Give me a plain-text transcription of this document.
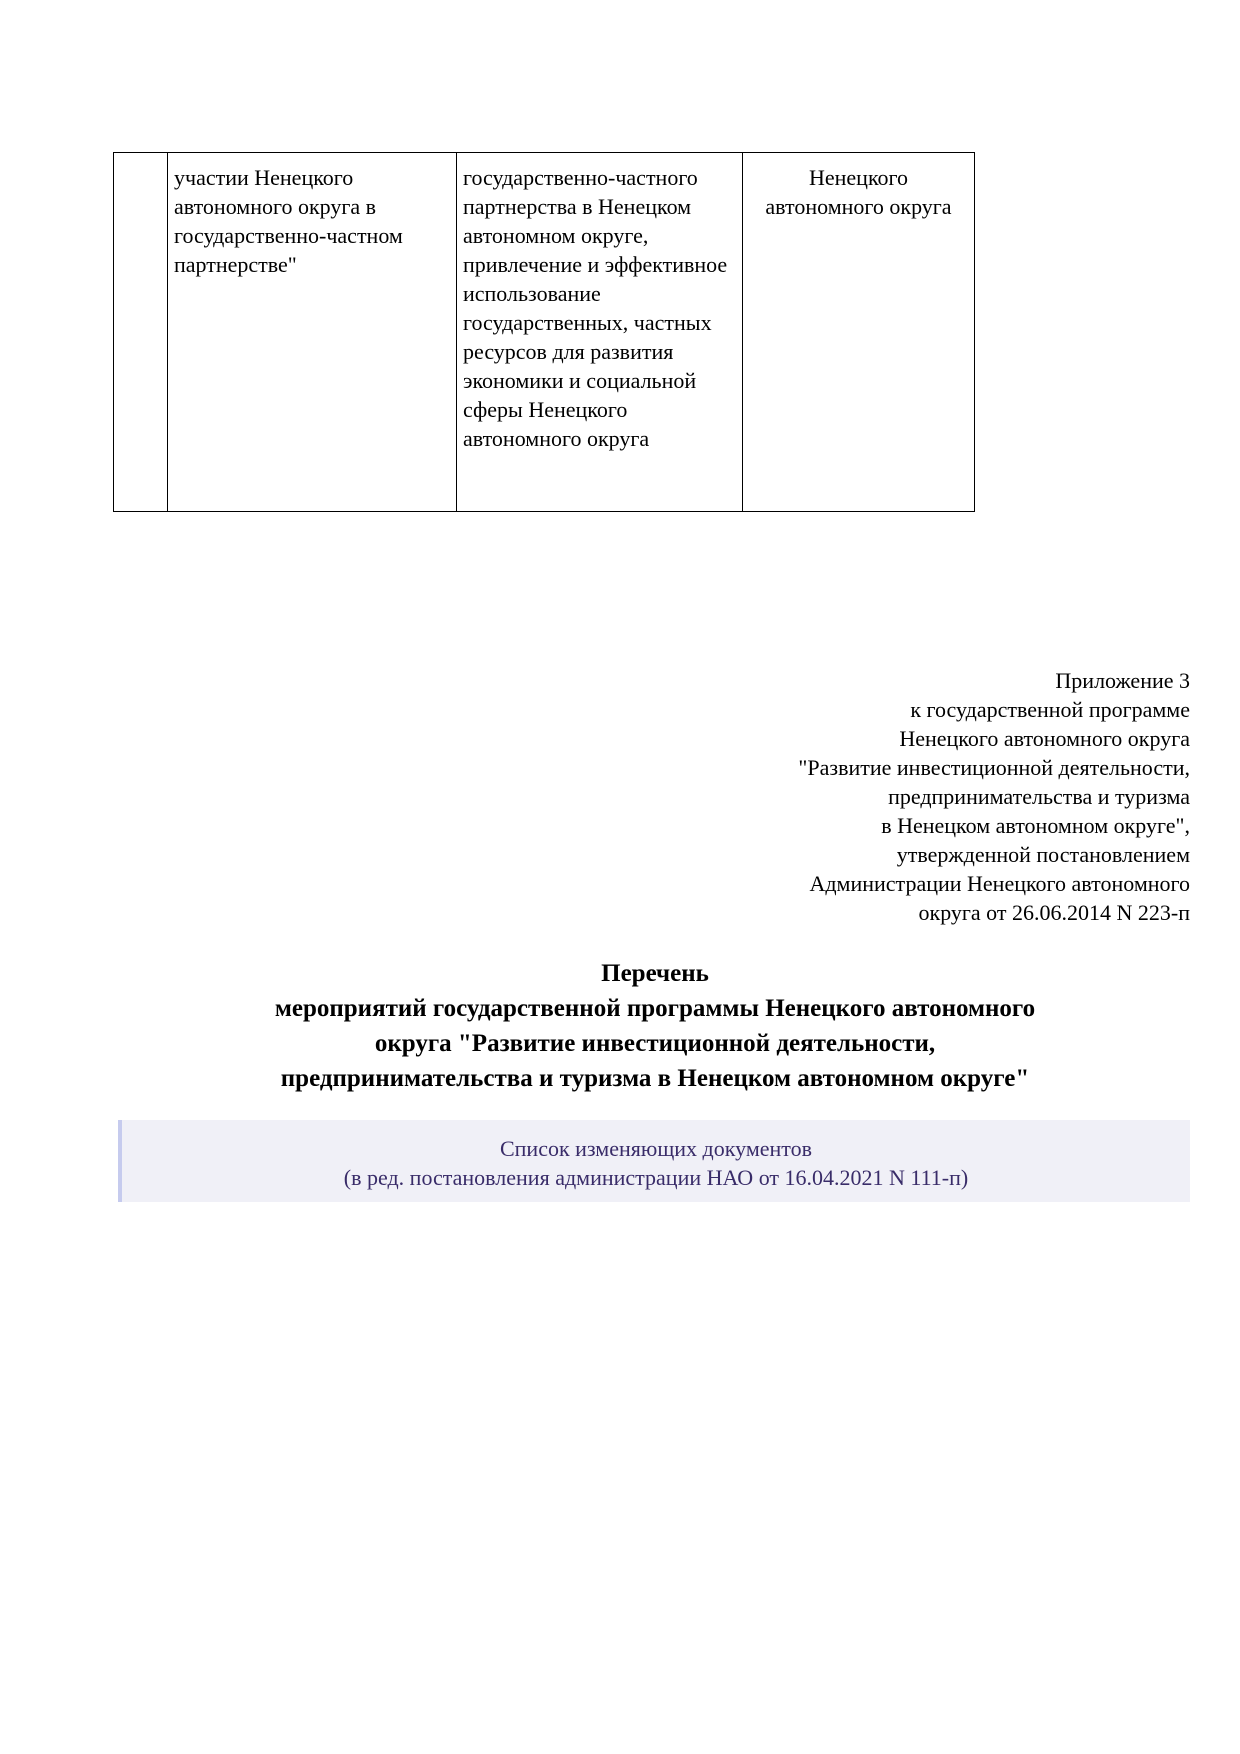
	участии Ненецкого автономного округа в государственно-частном партнерстве"	государственно-частного партнерства в Ненецком автономном округе, привлечение и эффективное использование государственных, частных ресурсов для развития экономики и социальной сферы Ненецкого автономного округа	Ненецкого автономного округа
Приложение 3
к государственной программе
Ненецкого автономного округа
"Развитие инвестиционной деятельности,
предпринимательства и туризма
в Ненецком автономном округе",
утвержденной постановлением
Администрации Ненецкого автономного
округа от 26.06.2014 N 223-п
Перечень
мероприятий государственной программы Ненецкого автономного
округа "Развитие инвестиционной деятельности,
предпринимательства и туризма в Ненецком автономном округе"
Список изменяющих документов
(в ред. постановления администрации НАО от 16.04.2021 N 111-п)
